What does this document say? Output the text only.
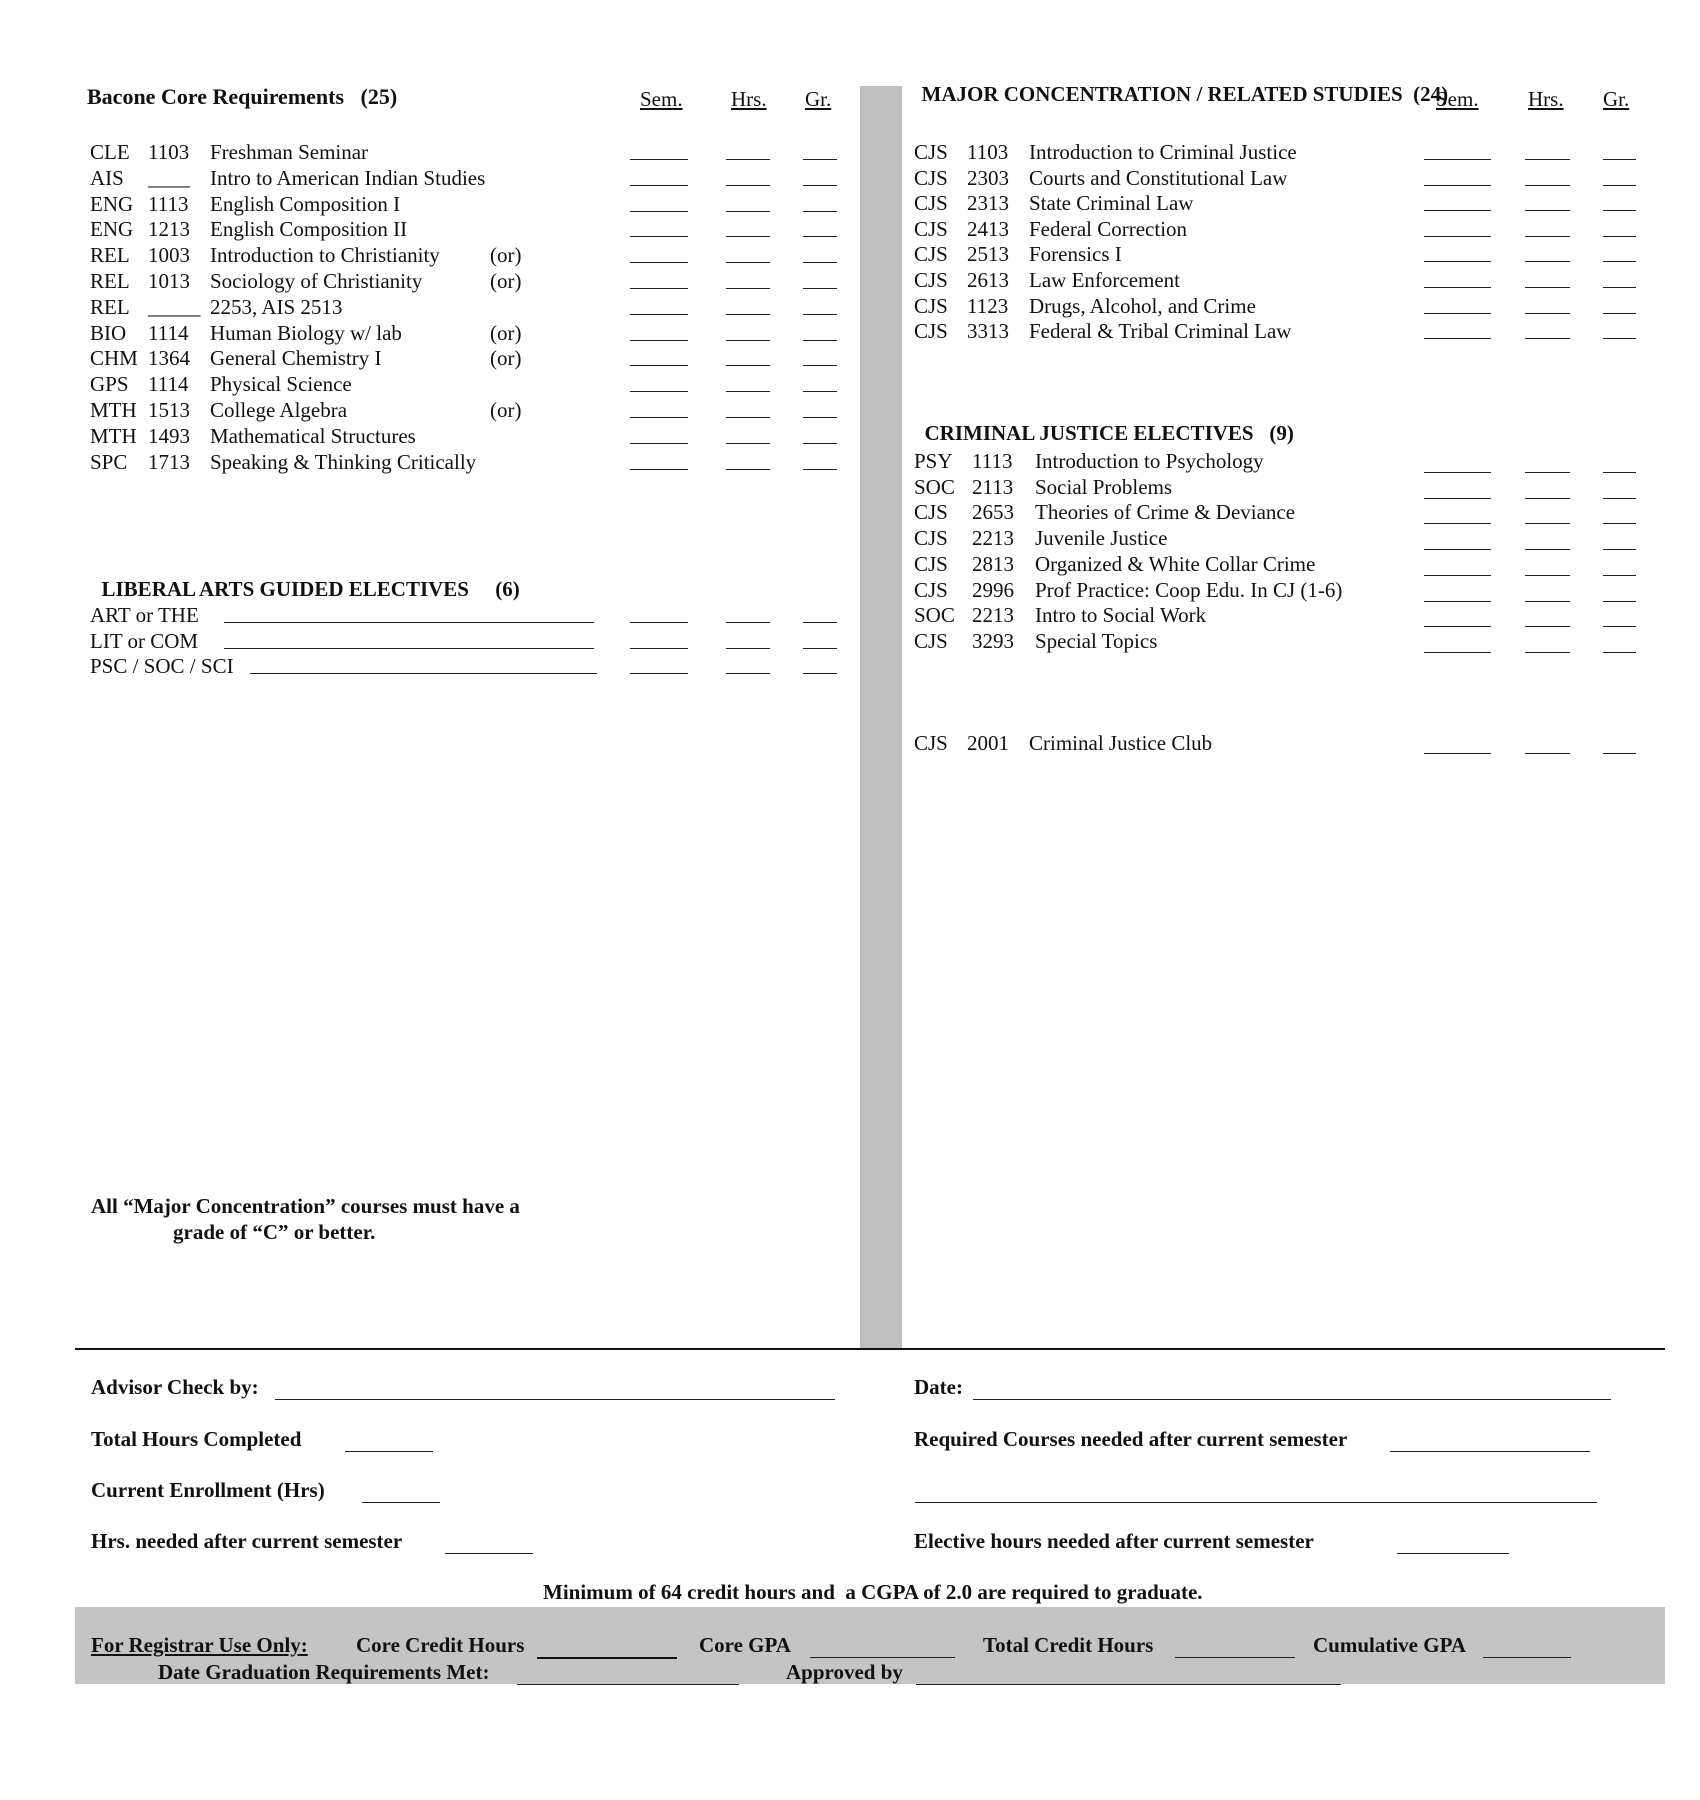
Bacone Core Requirements (25)	Sem. Hrs. Gr.

LIBERAL ARTS GUIDED ELECTIVES (6)

All “Major Concentration” courses must have a
grade of “C” or better.

MAJOR CONCENTRATION / RELATED STUDIES (24)

Sem. Hrs. Gr.

CRIMINAL JUSTICE ELECTIVES (9)

Advisor Check by:	Date:
Total Hours Completed	Required Courses needed after current semester
Current Enrollment (Hrs)
Hrs. needed after current semester	Elective hours needed after current semester
Minimum of 64 credit hours and  a CGPA of 2.0 are required to graduate.
For Registrar Use Only: Core Credit Hours	Core GPA	Total Credit Hours	Cumulative GPA
Date Graduation Requirements Met:	Approved by
CLE 1103 Freshman Seminar
AIS ____ Intro to American Indian Studies
ENG 1113 English Composition I
ENG 1213 English Composition II
REL 1003 Introduction to Christianity (or)
REL 1013 Sociology of Christianity	(or)
REL _____ 2253, AIS 2513
BIO 1114 Human Biology w/ lab	(or)
CHM 1364 General Chemistry I	(or)
GPS 1114 Physical Science
MTH 1513 College Algebra	(or)
MTH 1493 Mathematical Structures
SPC 1713 Speaking & Thinking Critically
ART or THE
LIT or COM
PSC / SOC / SCI
CJS 1103 Introduction to Criminal Justice
CJS 2303 Courts and Constitutional Law
CJS 2313 State Criminal Law
CJS 2413 Federal Correction
CJS 2513 Forensics I
CJS 2613 Law Enforcement
CJS 1123 Drugs, Alcohol, and Crime
CJS 3313 Federal & Tribal Criminal Law
PSY 1113 Introduction to Psychology
SOC 2113 Social Problems
CJS 2653 Theories of Crime & Deviance
CJS 2213 Juvenile Justice
CJS 2813 Organized & White Collar Crime
CJS 2996 Prof Practice: Coop Edu. In CJ (1-6)
SOC 2213 Intro to Social Work
CJS 3293 Special Topics
CJS 2001 Criminal Justice Club
